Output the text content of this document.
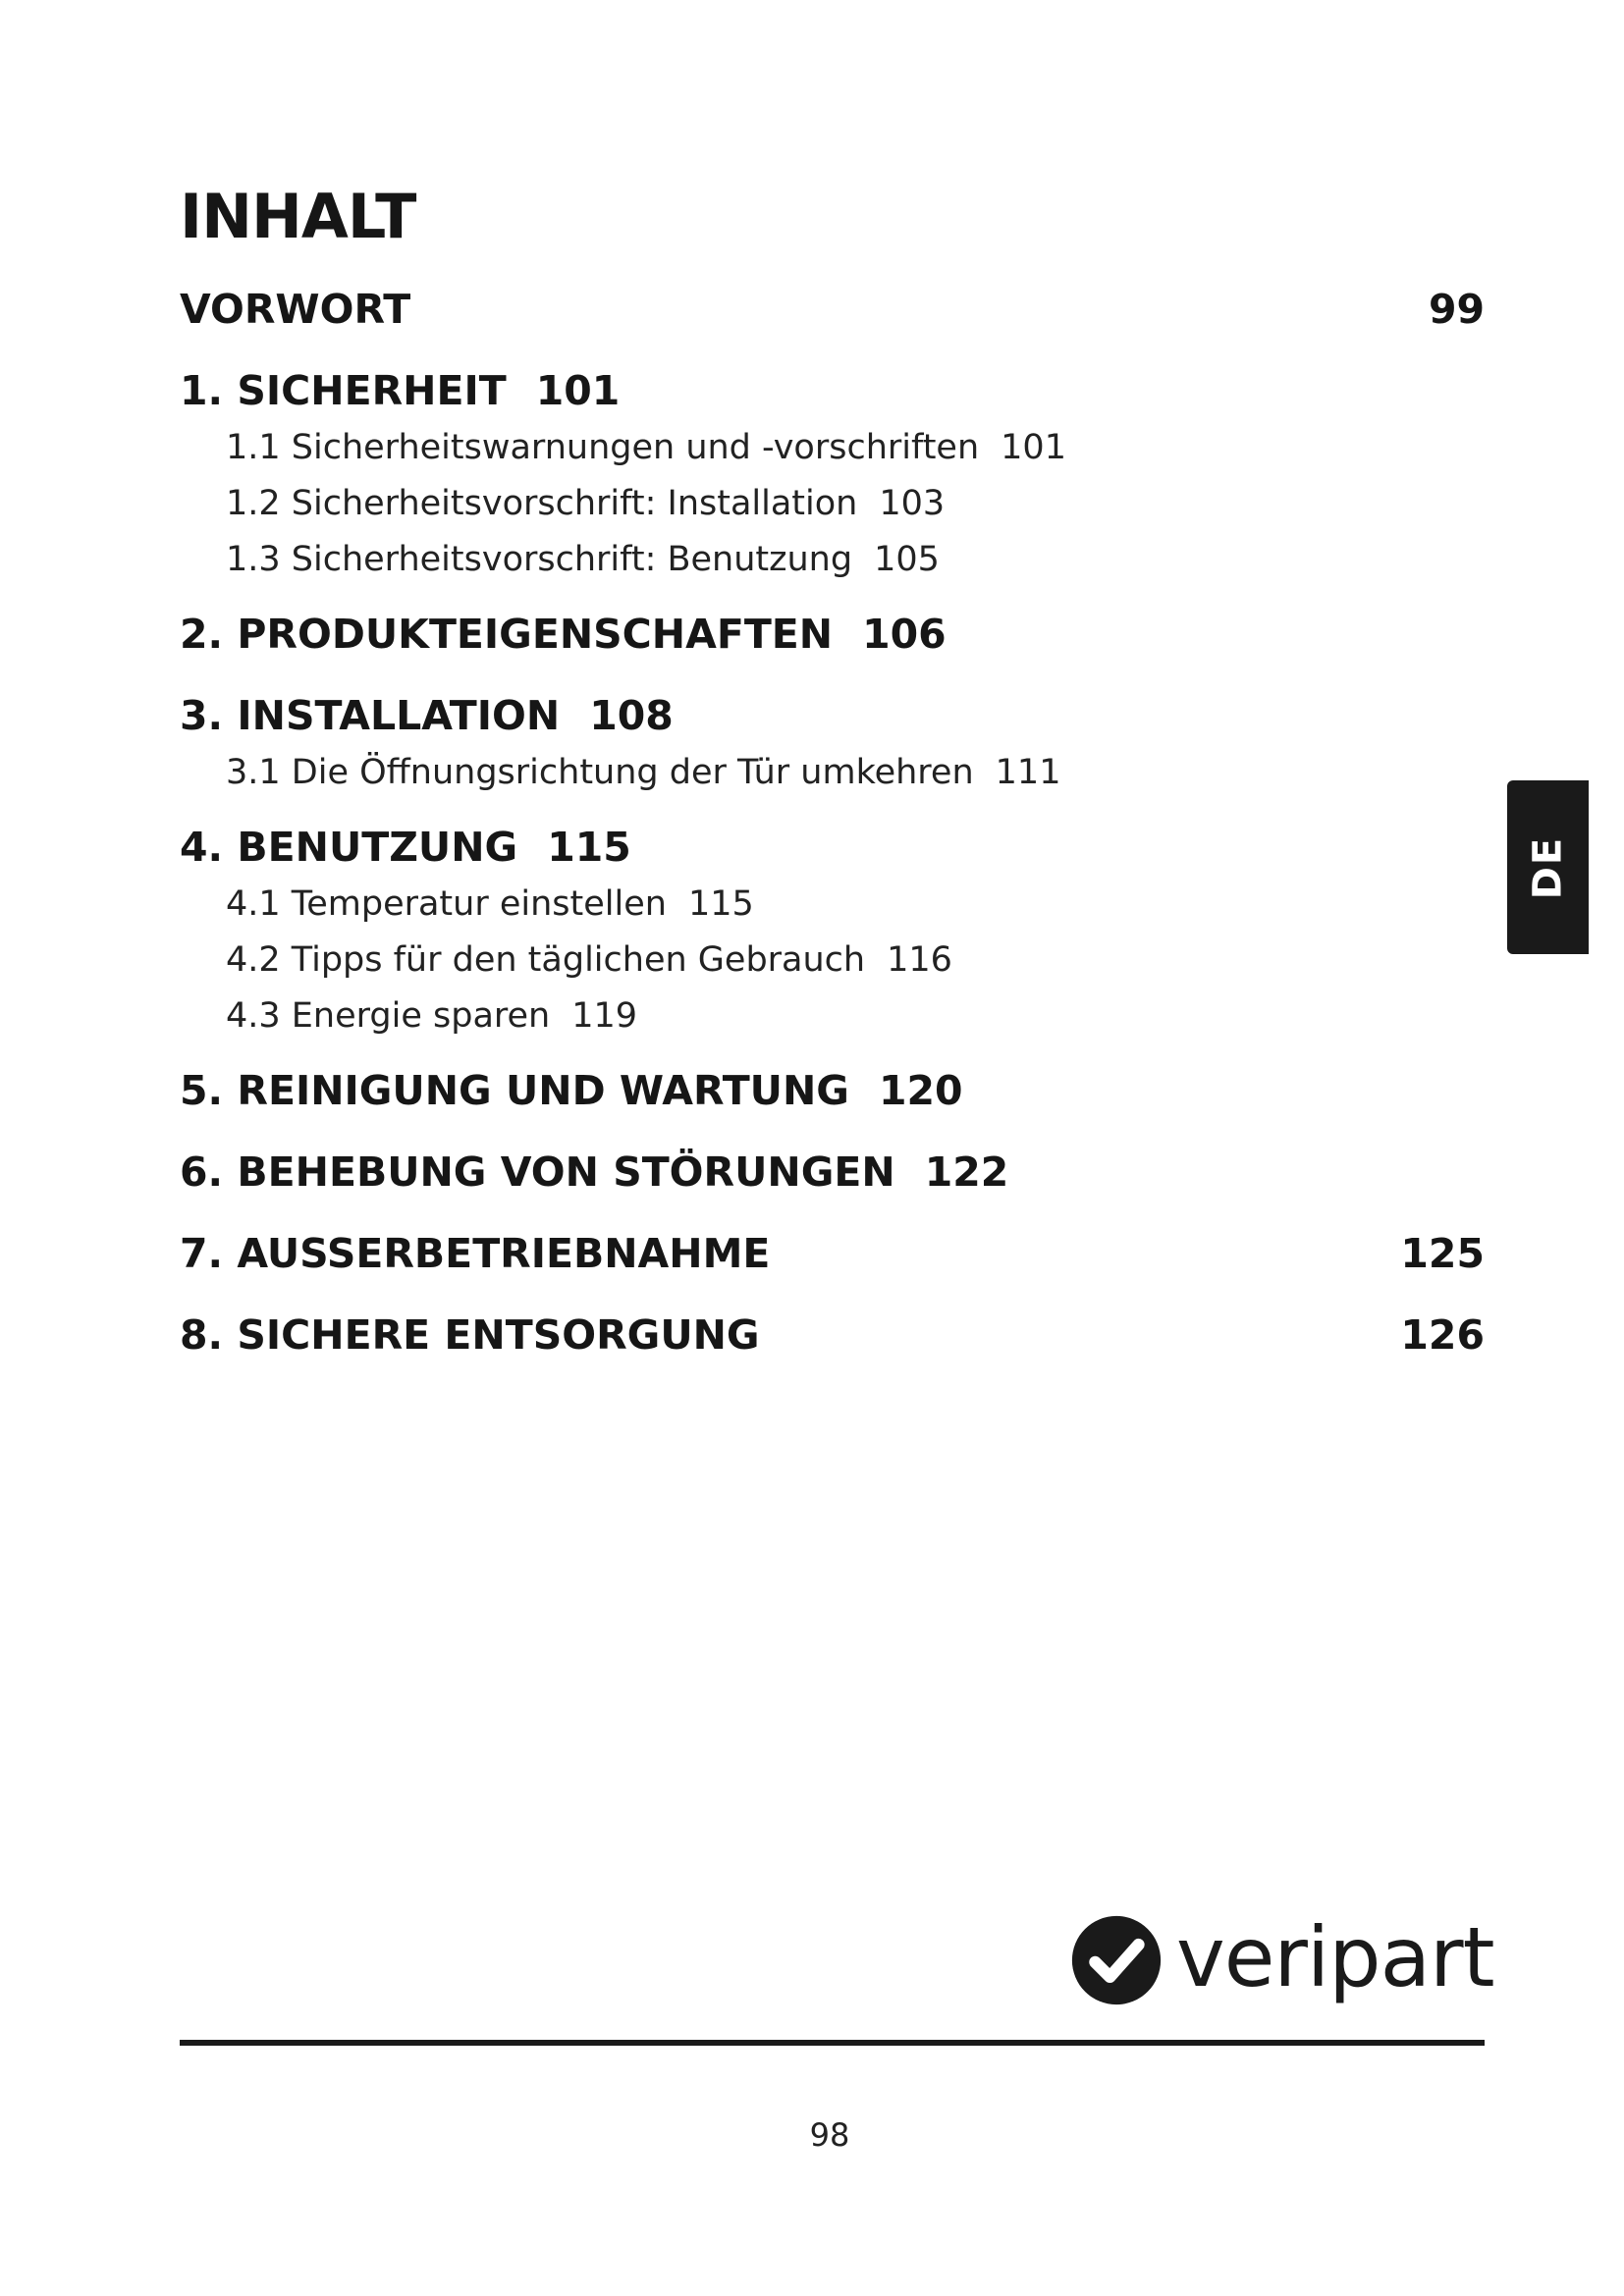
INHALT
VORWORT	99
1. SICHERHEIT 101
1.1 Sicherheitswarnungen und -vorschriften 101
1.2 Sicherheitsvorschrift: Installation 103
1.3 Sicherheitsvorschrift: Benutzung 105
2. PRODUKTEIGENSCHAFTEN 106
3. INSTALLATION 108
3.1 Die Öffnungsrichtung der Tür umkehren 111
4. BENUTZUNG 115
4.1 Temperatur einstellen 115
4.2 Tipps für den täglichen Gebrauch 116
4.3 Energie sparen 119
5. REINIGUNG UND WARTUNG 120
6. BEHEBUNG VON STÖRUNGEN 122
7. AUSSERBETRIEBNAHME	125
8. SICHERE ENTSORGUNG	126
DE
veripart
98
